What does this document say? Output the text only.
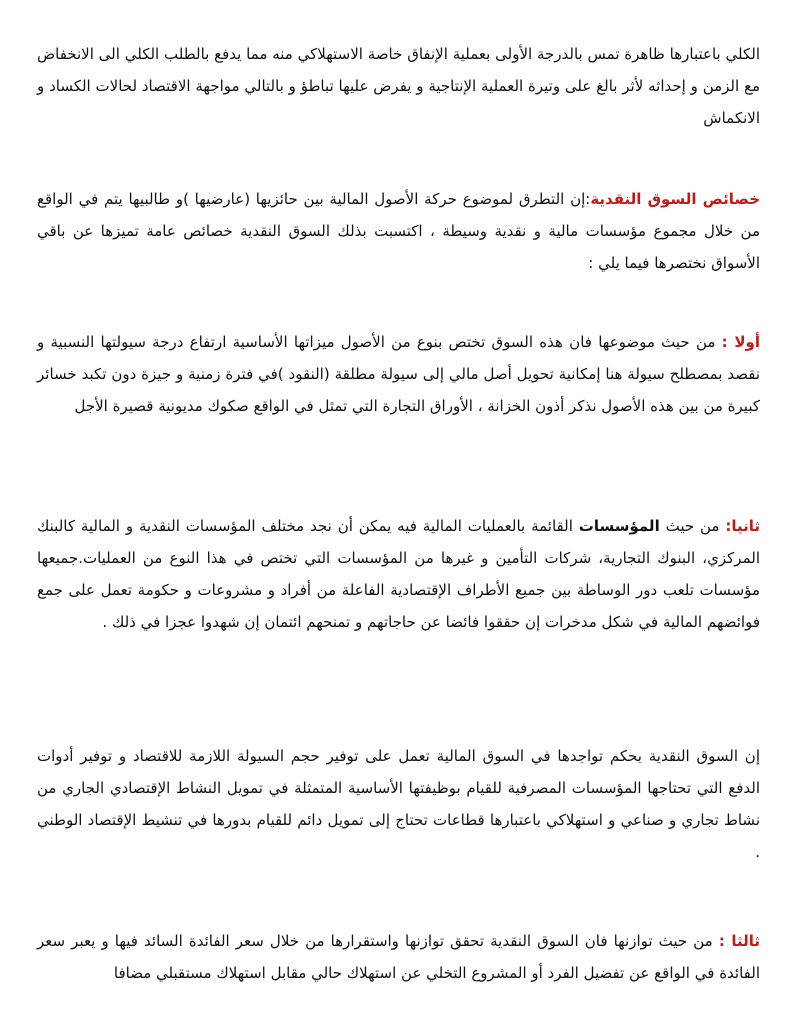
الكلي باعتبارها ظاهرة تمس بالدرجة الأولى بعملية الإنفاق خاصة الاستهلاكي منه مما يدفع بالطلب الكلي الى الانخفاض مع الزمن و إحداثه لأثر بالغ على وتيرة العملية الإنتاجية و يفرض عليها تباطؤ و بالتالي مواجهة الاقتصاد لحالات الكساد و الانكماش

خصائص السوق النقدية:إن التطرق لموضوع حركة الأصول المالية بين حائزيها (عارضيها )و طالبيها يتم في الواقع من خلال مجموع مؤسسات مالية و نقدية وسيطة ، اكتسبت بذلك السوق النقدية خصائص عامة تميزها عن باقي الأسواق نختصرها فيما يلي :

أولا : من حيث موضوعها فان هذه السوق تختص بنوع من الأصول ميزاتها الأساسية ارتفاع درجة سيولتها النسبية و نقصد بمصطلح سيولة هنا إمكانية تحويل أصل مالي إلى سيولة مطلقة (النقود )في فترة زمنية و جيزة دون تكبد خسائر كبيرة من بين هذه الأصول نذكر أذون الخزانة ، الأوراق التجارة التي تمثل في الواقع صكوك مديونية قصيرة الأجل

ثانيا: من حيث المؤسسات القائمة بالعمليات المالية فيه يمكن أن نجد مختلف المؤسسات النقدية و المالية كالبنك المركزي، البنوك التجارية، شركات التأمين و غيرها من المؤسسات التي تختص في هذا النوع من العمليات.جميعها مؤسسات تلعب دور الوساطة بين جميع الأطراف الإقتصادية الفاعلة من أفراد و مشروعات و حكومة تعمل على جمع فوائضهم المالية في شكل مدخرات إن حققوا فائضا عن حاجاتهم و تمنحهم ائتمان إن شهدوا عجزا في ذلك .

إن السوق النقدية بحكم تواجدها في السوق المالية تعمل على توفير حجم السيولة اللازمة للاقتصاد و توفير أدوات الدفع التي تحتاجها المؤسسات المصرفية للقيام بوظيفتها الأساسية المتمثلة في تمويل النشاط الإقتصادي الجاري من نشاط تجاري و صناعي و استهلاكي باعتبارها قطاعات تحتاج إلى تمويل دائم للقيام بدورها في تنشيط الإقتصاد الوطني .

ثالثا : من حيث توازنها فان السوق النقدية تحقق توازنها واستقرارها من خلال سعر الفائدة السائد فيها و يعبر سعر الفائدة في الواقع عن تفضيل الفرد أو المشروع التخلي عن استهلاك حالي مقابل استهلاك مستقبلي مضافا
